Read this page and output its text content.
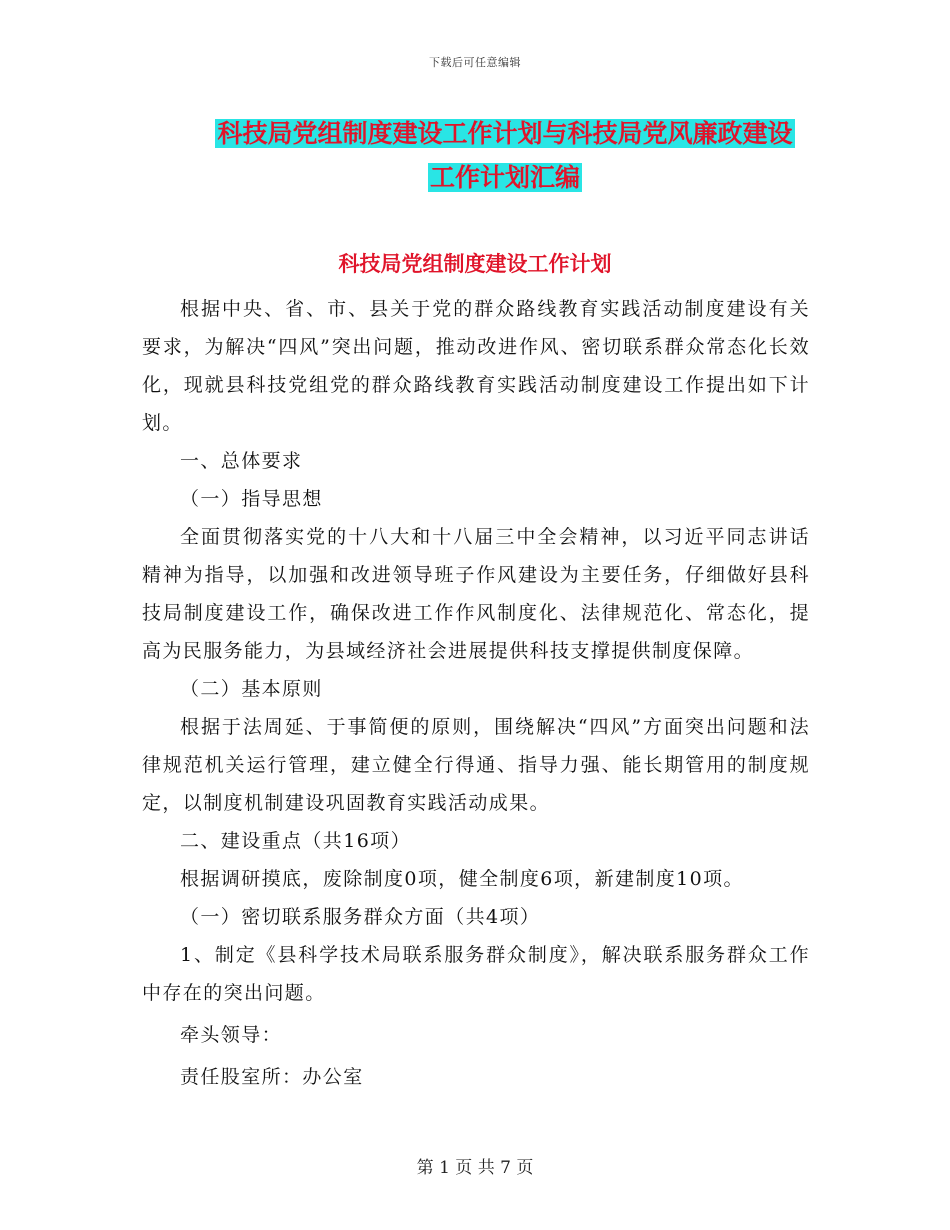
下载后可任意编辑
科技局党组制度建设工作计划与科技局党风廉政建设
工作计划汇编
科技局党组制度建设工作计划

根据中央、省、市、县关于党的群众路线教育实践活动制度建设有关要求，为解决“四风”突出问题，推动改进作风、密切联系群众常态化长效化，现就县科技党组党的群众路线教育实践活动制度建设工作提出如下计划。

一、总体要求

（一）指导思想

全面贯彻落实党的十八大和十八届三中全会精神，以习近平同志讲话精神为指导，以加强和改进领导班子作风建设为主要任务，仔细做好县科技局制度建设工作，确保改进工作作风制度化、法律规范化、常态化，提高为民服务能力，为县域经济社会进展提供科技支撑提供制度保障。

（二）基本原则

根据于法周延、于事简便的原则，围绕解决“四风”方面突出问题和法律规范机关运行管理，建立健全行得通、指导力强、能长期管用的制度规定，以制度机制建设巩固教育实践活动成果。

二、建设重点（共16项）

根据调研摸底，废除制度0项，健全制度6项，新建制度10项。

（一）密切联系服务群众方面（共4项）

1、制定《县科学技术局联系服务群众制度》，解决联系服务群众工作中存在的突出问题。

牵头领导：

责任股室所：办公室

第 1 页 共 7 页
